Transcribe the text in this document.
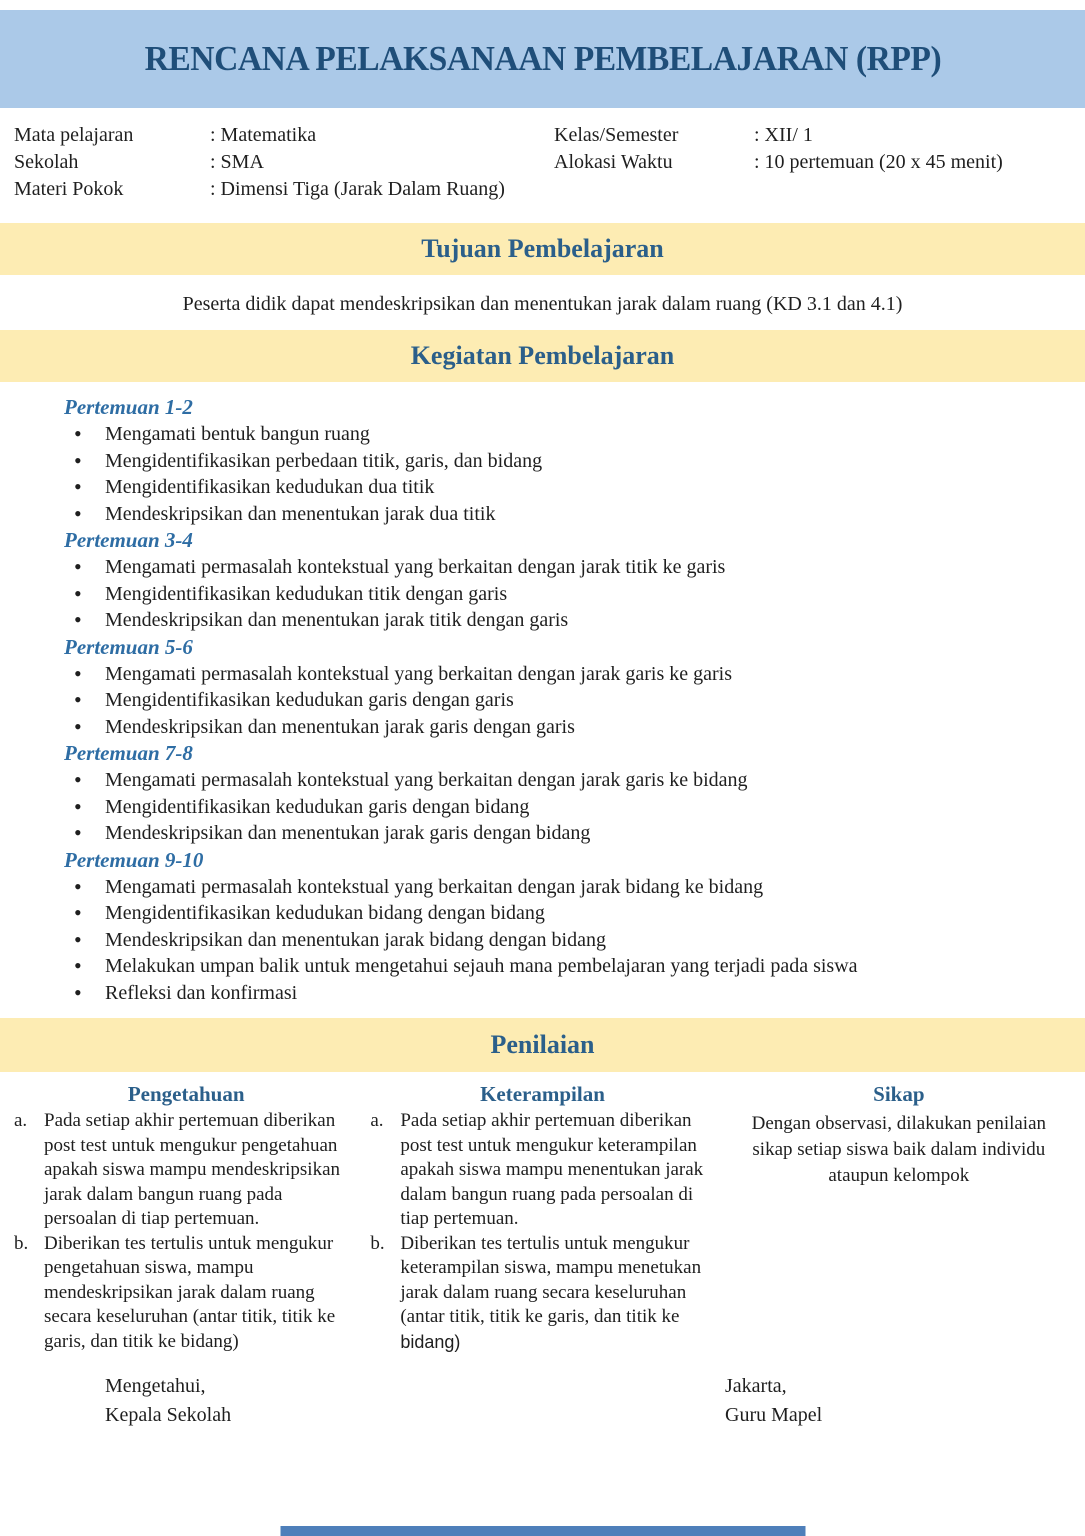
RENCANA PELAKSANAAN PEMBELAJARAN (RPP)
Mata pelajaran	: Matematika
Sekolah	: SMA
Materi Pokok	: Dimensi Tiga (Jarak Dalam Ruang)
Kelas/Semester	: XII/ 1
Alokasi Waktu	: 10 pertemuan (20 x 45 menit)
Tujuan Pembelajaran

Peserta didik dapat mendeskripsikan dan menentukan jarak dalam ruang (KD 3.1 dan 4.1)

Kegiatan Pembelajaran
Pertemuan 1-2
• Mengamati bentuk bangun ruang
• Mengidentifikasikan perbedaan titik, garis, dan bidang
• Mengidentifikasikan kedudukan dua titik
• Mendeskripsikan dan menentukan jarak dua titik
Pertemuan 3-4
• Mengamati permasalah kontekstual yang berkaitan dengan jarak titik ke garis
• Mengidentifikasikan kedudukan titik dengan garis
• Mendeskripsikan dan menentukan jarak titik dengan garis
Pertemuan 5-6
• Mengamati permasalah kontekstual yang berkaitan dengan jarak garis ke garis
• Mengidentifikasikan kedudukan garis dengan garis
• Mendeskripsikan dan menentukan jarak garis dengan garis
Pertemuan 7-8
• Mengamati permasalah kontekstual yang berkaitan dengan jarak garis ke bidang
• Mengidentifikasikan kedudukan garis dengan bidang
• Mendeskripsikan dan menentukan jarak garis dengan bidang
Pertemuan 9-10
• Mengamati permasalah kontekstual yang berkaitan dengan jarak bidang ke bidang
• Mengidentifikasikan kedudukan bidang dengan bidang
• Mendeskripsikan dan menentukan jarak bidang dengan bidang
• Melakukan umpan balik untuk mengetahui sejauh mana pembelajaran yang terjadi pada siswa
• Refleksi dan konfirmasi
Penilaian
Pengetahuan
a. Pada setiap akhir pertemuan diberikan post test untuk mengukur pengetahuan apakah siswa mampu mendeskripsikan jarak dalam bangun ruang pada persoalan di tiap pertemuan.
b. Diberikan tes tertulis untuk mengukur pengetahuan siswa, mampu mendeskripsikan jarak dalam ruang secara keseluruhan (antar titik, titik ke garis, dan titik ke bidang)
Keterampilan
a. Pada setiap akhir pertemuan diberikan post test untuk mengukur keterampilan apakah siswa mampu menentukan jarak dalam bangun ruang pada persoalan di tiap pertemuan.
b. Diberikan tes tertulis untuk mengukur keterampilan siswa, mampu menetukan jarak dalam ruang secara keseluruhan (antar titik, titik ke garis, dan titik ke bidang)
Sikap
Dengan observasi, dilakukan penilaian sikap setiap siswa baik dalam individu ataupun kelompok
Mengetahui,
Kepala Sekolah
Jakarta,
Guru Mapel
